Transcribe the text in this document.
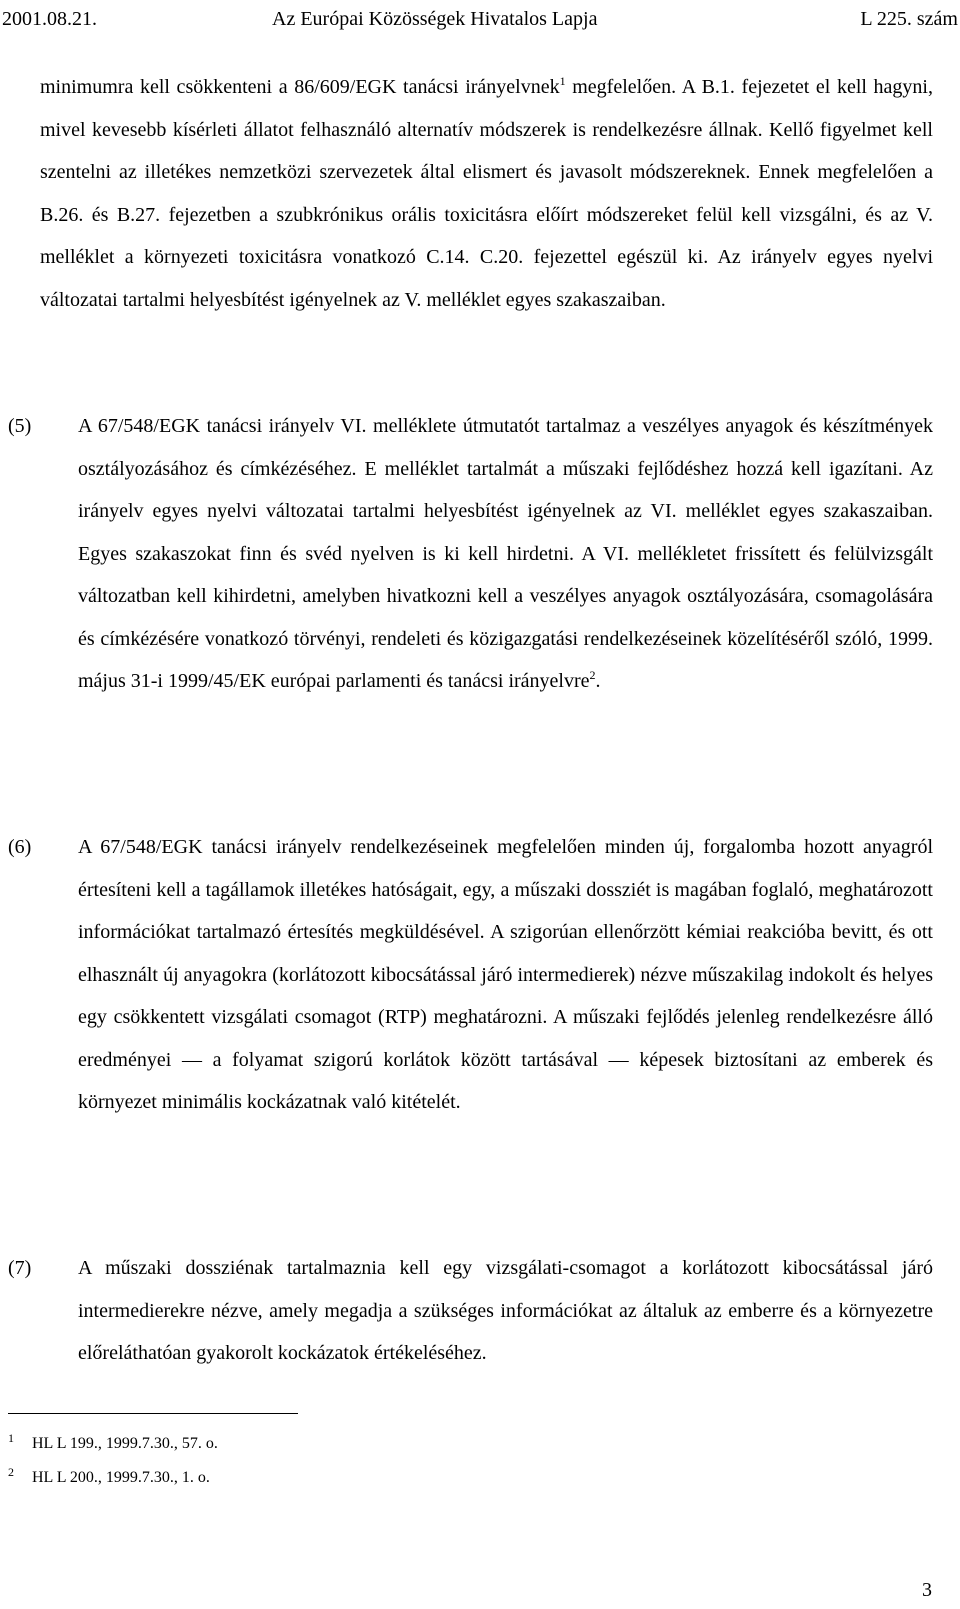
2001.08.21.	Az Európai Közösségek Hivatalos Lapja	L 225. szám
minimumra kell csökkenteni a 86/609/EGK tanácsi irányelvnek$^1$ megfelelően. A B.1. fejezetet el kell hagyni, mivel kevesebb kísérleti állatot felhasználó alternatív módszerek is rendelkezésre állnak. Kellő figyelmet kell szentelni az illetékes nemzetközi szervezetek által elismert és javasolt módszereknek. Ennek megfelelően a B.26. és B.27. fejezetben a szubkrónikus orális toxicitásra előírt módszereket felül kell vizsgálni, és az V. melléklet a környezeti toxicitásra vonatkozó C.14. C.20. fejezettel egészül ki. Az irányelv egyes nyelvi változatai tartalmi helyesbítést igényelnek az V. melléklet egyes szakaszaiban.
(5) A 67/548/EGK tanácsi irányelv VI. melléklete útmutatót tartalmaz a veszélyes anyagok és készítmények osztályozásához és címkézéséhez. E melléklet tartalmát a műszaki fejlődéshez hozzá kell igazítani. Az irányelv egyes nyelvi változatai tartalmi helyesbítést igényelnek az VI. melléklet egyes szakaszaiban. Egyes szakaszokat finn és svéd nyelven is ki kell hirdetni. A VI. mellékletet frissített és felülvizsgált változatban kell kihirdetni, amelyben hivatkozni kell a veszélyes anyagok osztályozására, csomagolására és címkézésére vonatkozó törvényi, rendeleti és közigazgatási rendelkezéseinek közelítéséről szóló, 1999. május 31-i 1999/45/EK európai parlamenti és tanácsi irányelvre$^2$.
(6) A 67/548/EGK tanácsi irányelv rendelkezéseinek megfelelően minden új, forgalomba hozott anyagról értesíteni kell a tagállamok illetékes hatóságait, egy, a műszaki dossziét is magában foglaló, meghatározott információkat tartalmazó értesítés megküldésével. A szigorúan ellenőrzött kémiai reakcióba bevitt, és ott elhasznált új anyagokra (korlátozott kibocsátással járó intermedierek) nézve műszakilag indokolt és helyes egy csökkentett vizsgálati csomagot (RTP) meghatározni. A műszaki fejlődés jelenleg rendelkezésre álló eredményei — a folyamat szigorú korlátok között tartásával — képesek biztosítani az emberek és környezet minimális kockázatnak való kitételét.
(7) A műszaki dossziénak tartalmaznia kell egy vizsgálati-csomagot a korlátozott kibocsátással járó intermedierekre nézve, amely megadja a szükséges információkat az általuk az emberre és a környezetre előreláthatóan gyakorolt kockázatok értékeléséhez.
1 HL L 199., 1999.7.30., 57. o.
2 HL L 200., 1999.7.30., 1. o.
3
